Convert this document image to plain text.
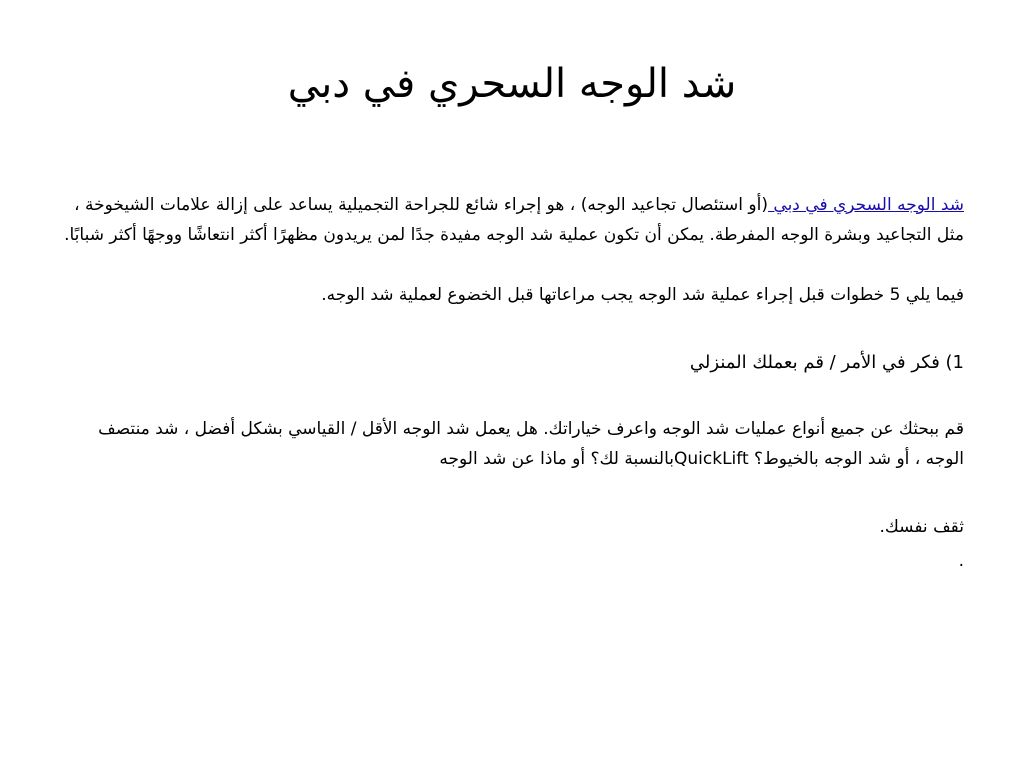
شد الوجه السحري في دبي

شد الوجه السحري في دبي (أو استئصال تجاعيد الوجه) ، هو إجراء شائع للجراحة التجميلية يساعد على إزالة علامات الشيخوخة ، مثل التجاعيد وبشرة الوجه المفرطة. يمكن أن تكون عملية شد الوجه مفيدة جدًا لمن يريدون مظهرًا أكثر انتعاشًا ووجهًا أكثر شبابًا.

فيما يلي 5 خطوات قبل إجراء عملية شد الوجه يجب مراعاتها قبل الخضوع لعملية شد الوجه.

1) فكر في الأمر / قم بعملك المنزلي

قم ببحثك عن جميع أنواع عمليات شد الوجه واعرف خياراتك. هل يعمل شد الوجه الأقل / القياسي بشكل أفضل ، شد منتصف الوجه ، أو شد الوجه بالخيوط؟ QuickLiftبالنسبة لك؟ أو ماذا عن شد الوجه

ثقف نفسك.

.
